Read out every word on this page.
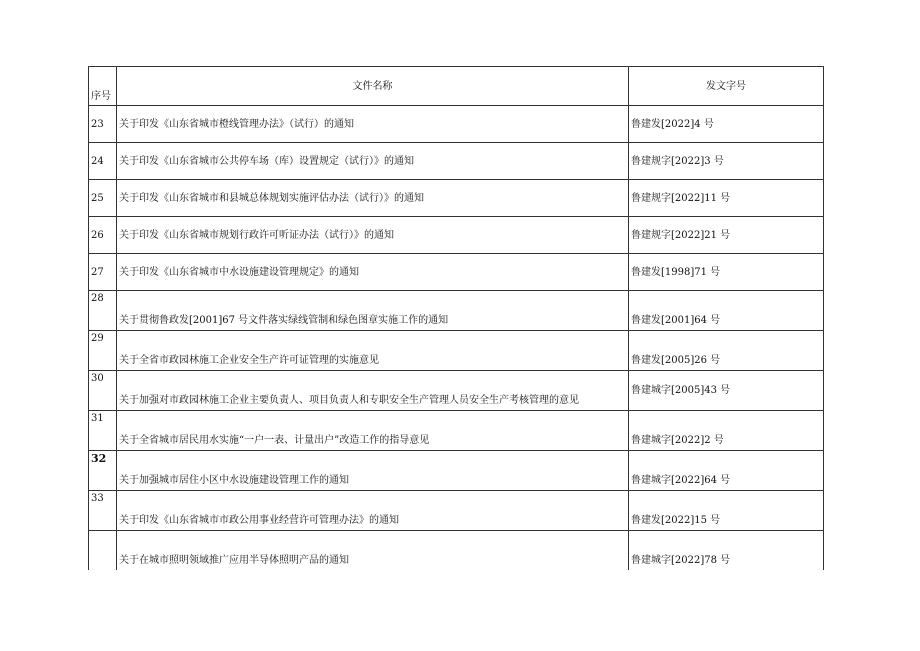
序号	文件名称	发文字号
23	关于印发《山东省城市橙线管理办法》（试行）的通知	鲁建发[2022]4 号
24	关于印发《山东省城市公共停车场（库）设置规定（试行）》的通知	鲁建规字[2022]3 号
25	关于印发《山东省城市和县城总体规划实施评估办法（试行）》的通知	鲁建规字[2022]11 号
26	关于印发《山东省城市规划行政许可听证办法（试行）》的通知	鲁建规字[2022]21 号
27	关于印发《山东省城市中水设施建设管理规定》的通知	鲁建发[1998]71 号
28	关于贯彻鲁政发[2001]67 号文件落实绿线管制和绿色图章实施工作的通知	鲁建发[2001]64 号
29	关于全省市政园林施工企业安全生产许可证管理的实施意见	鲁建发[2005]26 号
30	关于加强对市政园林施工企业主要负责人、项目负责人和专职安全生产管理人员安全生产考核管理的意见	鲁建城字[2005]43 号
31	关于全省城市居民用水实施“一户一表、计量出户”改造工作的指导意见	鲁建城字[2022]2 号
32	关于加强城市居住小区中水设施建设管理工作的通知	鲁建城字[2022]64 号
33	关于印发《山东省城市市政公用事业经营许可管理办法》的通知	鲁建发[2022]15 号
	关于在城市照明领域推广应用半导体照明产品的通知	鲁建城字[2022]78 号
